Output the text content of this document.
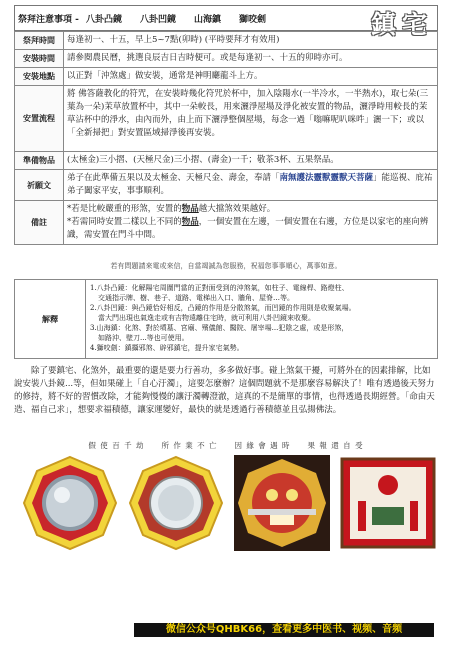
祭拜注意事項 - 八卦凸鏡 八卦凹鏡 山海鎮 獅咬劍	鎮宅
祭拜時間	每逢初一、十五，早上5~7點(卯時) (平時要拜才有效用)
安裝時間	請參閱農民曆，挑選良辰吉日吉時便可。或是每逢初一、十五的卯時亦可。
安裝地點	以正對「沖煞處」做安裝，通常是神明廳龍斗上方。
安置流程	將 佛答薩教化的符咒，在安裝時幾化符咒於杯中，加入陰陽水(一半冷水，一半熱水)，取七朵(三葉為一朵)茉草放置杯中，其中一朵較長，用來灑淨屋場及淨化被安置的物品，灑淨時用較長的茉草沾杯中的淨水，由內而外，由上而下灑淨整個屋場，每念一過「嗡嘛呢叭咪吽」灑一下；或以「全新掃把」對安置區域掃淨後再安裝。
準備物品	(太極金)三小摺、(天極尺金)三小摺、(壽金)一千；敬茶3杯、五果祭品。
祈願文	弟子在此準備五果以及太極金、天極尺金、壽金，奉請「南無護法靈獸靈獸天菩薩」能巡視、庇祐弟子闔家平安，事事順利。
備註	*若是比較嚴重的形煞，安置的物品越大擋煞效果越好。
*若需同時安置二樣以上不同的物品，一個安置在左邊，一個安置在右邊，方位是以家宅的座向辨識，需安置在門斗中間。
若有問題請來電或來信，自當竭誠為您服務，祝福您事事順心，萬事如意。
解釋
1.八卦凸鏡：化解陽宅周圍門當的正對面受到的沖煞氣，如柱子、電線桿、路燈柱、
交通指示牌、樹、巷子、道路、電梯出入口、牆角、屋脊…等。
2.八卦凹鏡：與凸鏡恰好相反，凸鏡的作用是分散煞氣，而凹鏡的作用則是收聚氣場。
當大門出現也氣逸走或有吉物遠離住宅時，就可利用八卦凹鏡來收聚。
3.山海鎮：化煞、對於墳墓、宮廟、殯儀館、醫院、屠宰場...犯陰之處，或是形煞，
如路沖、壁刀...等也可使用。
4.獅咬劍：鎮攝邪煞、辟邪鎮宅，提升家宅氣勢。
除了要鎮宅、化煞外，最重要的還是要力行善功，多多做好事。碰上煞氣干擾，可將外在的因素排解，比如說安裝八卦鏡...等，但如果碰上「自心汙濁」，這要怎麼辦？這個問題就不是那麼容易解決了！唯有透過後天努力的修持，將不好的習慣改除，才能夠慢慢的讓汙濁轉澄澈，這真的不是簡單的事情，也得透過長期經營。「命由天造、福自己求」，想要求福積德，讓家運變好，最快的就是透過行善積德並且弘揚佛法。
假 使 百 千 劫　　所 作 業 不 亡　　因 緣 會 遇 時　　果 報 還 自 受
微信公众号QHBK66，查看更多中医书、视频、音频
